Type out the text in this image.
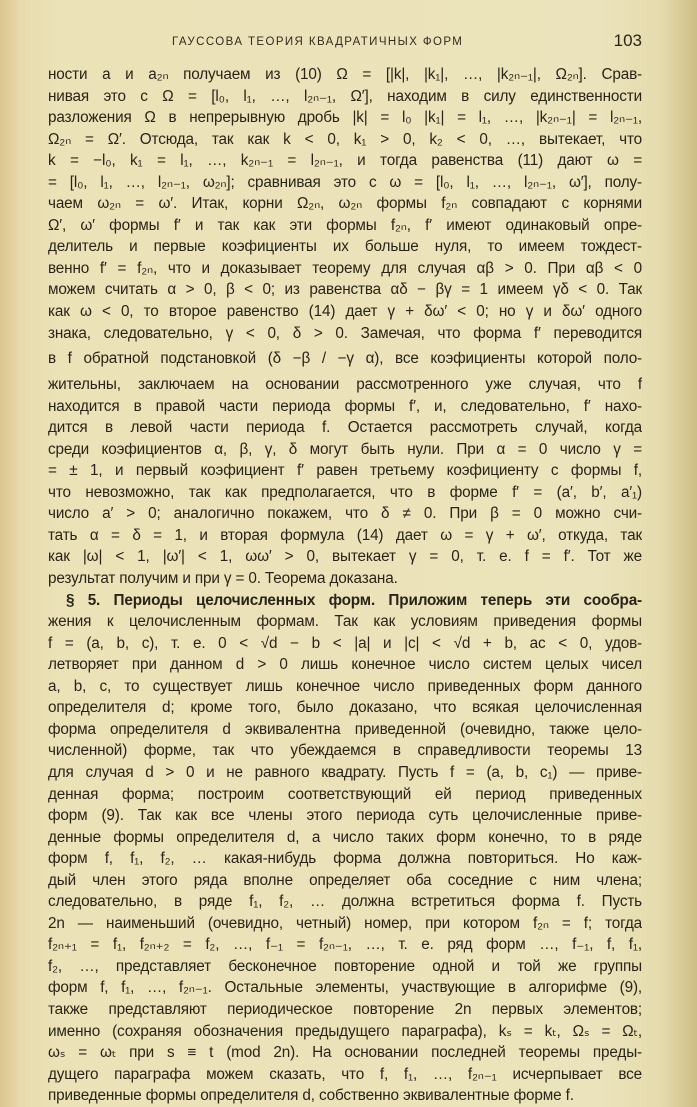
ГАУССОВА ТЕОРИЯ КВАДРАТИЧНЫХ ФОРМ	103
ности a и a₂ₙ получаем из (10) Ω = [|k|, |k₁|, …, |k₂ₙ₋₁|, Ω₂ₙ]. Срав-
нивая это с Ω = [l₀, l₁, …, l₂ₙ₋₁, Ω′], находим в силу единственности
разложения Ω в непрерывную дробь |k| = l₀ |k₁| = l₁, …, |k₂ₙ₋₁| = l₂ₙ₋₁,
Ω₂ₙ = Ω′. Отсюда, так как k < 0, k₁ > 0, k₂ < 0, …, вытекает, что
k = −l₀, k₁ = l₁, …, k₂ₙ₋₁ = l₂ₙ₋₁, и тогда равенства (11) дают ω =
= [l₀, l₁, …, l₂ₙ₋₁, ω₂ₙ]; сравнивая это с ω = [l₀, l₁, …, l₂ₙ₋₁, ω′], полу-
чаем ω₂ₙ = ω′. Итак, корни Ω₂ₙ, ω₂ₙ формы f₂ₙ совпадают с корнями
Ω′, ω′ формы f′ и так как эти формы f₂ₙ, f′ имеют одинаковый опре-
делитель и первые коэфициенты их больше нуля, то имеем тождест-
венно f′ = f₂ₙ, что и доказывает теорему для случая αβ > 0. При αβ < 0
можем считать α > 0, β < 0; из равенства αδ − βγ = 1 имеем γδ < 0. Так
как ω < 0, то второе равенство (14) дает γ + δω′ < 0; но γ и δω′ одного
знака, следовательно, γ < 0, δ > 0. Замечая, что форма f′ переводится
в f обратной подстановкой (δ −β / −γ α), все коэфициенты которой поло-
жительны, заключаем на основании рассмотренного уже случая, что f
находится в правой части периода формы f′, и, следовательно, f′ нахо-
дится в левой части периода f. Остается рассмотреть случай, когда
среди коэфициентов α, β, γ, δ могут быть нули. При α = 0 число γ =
= ± 1, и первый коэфициент f′ равен третьему коэфициенту c формы f,
что невозможно, так как предполагается, что в форме f′ = (a′, b′, a′₁)
число a′ > 0; аналогично покажем, что δ ≠ 0. При β = 0 можно счи-
тать α = δ = 1, и вторая формула (14) дает ω = γ + ω′, откуда, так
как |ω| < 1, |ω′| < 1, ωω′ > 0, вытекает γ = 0, т. е. f = f′. Тот же
результат получим и при γ = 0. Теорема доказана.
§ 5. Периоды целочисленных форм. Приложим теперь эти сообра-
жения к целочисленным формам. Так как условиям приведения формы
f = (a, b, c), т. е. 0 < √d − b < |a| и |c| < √d + b, ac < 0, удов-
летворяет при данном d > 0 лишь конечное число систем целых чисел
a, b, c, то существует лишь конечное число приведенных форм данного
определителя d; кроме того, было доказано, что всякая целочисленная
форма определителя d эквивалентна приведенной (очевидно, также цело-
численной) форме, так что убеждаемся в справедливости теоремы 13
для случая d > 0 и не равного квадрату. Пусть f = (a, b, c₁) — приве-
денная форма; построим соответствующий ей период приведенных
форм (9). Так как все члены этого периода суть целочисленные приве-
денные формы определителя d, а число таких форм конечно, то в ряде
форм f, f₁, f₂, … какая-нибудь форма должна повториться. Но каж-
дый член этого ряда вполне определяет оба соседние с ним члена;
следовательно, в ряде f₁, f₂, … должна встретиться форма f. Пусть
2n — наименьший (очевидно, четный) номер, при котором f₂ₙ = f; тогда
f₂ₙ₊₁ = f₁, f₂ₙ₊₂ = f₂, …, f₋₁ = f₂ₙ₋₁, …, т. е. ряд форм …, f₋₁, f, f₁,
f₂, …, представляет бесконечное повторение одной и той же группы
форм f, f₁, …, f₂ₙ₋₁. Остальные элементы, участвующие в алгорифме (9),
также представляют периодическое повторение 2n первых элементов;
именно (сохраняя обозначения предыдущего параграфа), kₛ = kₜ, Ωₛ = Ωₜ,
ωₛ = ωₜ при s ≡ t (mod 2n). На основании последней теоремы преды-
дущего параграфа можем сказать, что f, f₁, …, f₂ₙ₋₁ исчерпывает все
приведенные формы определителя d, собственно эквивалентные форме f.
